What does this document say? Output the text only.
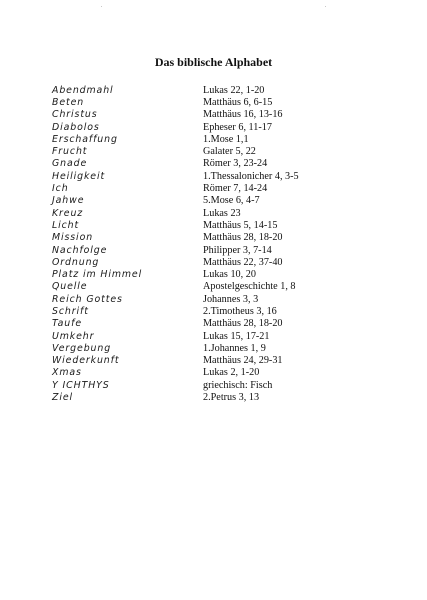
Das biblische Alphabet
Abendmahl	Lukas 22, 1-20
Beten	Matthäus 6, 6-15
Christus	Matthäus 16, 13-16
Diabolos	Epheser 6, 11-17
Erschaffung	1.Mose 1,1
Frucht	Galater 5, 22
Gnade	Römer 3, 23-24
Heiligkeit	1.Thessalonicher 4, 3-5
Ich	Römer 7, 14-24
Jahwe	5.Mose 6, 4-7
Kreuz	Lukas 23
Licht	Matthäus 5, 14-15
Mission	Matthäus 28, 18-20
Nachfolge	Philipper 3, 7-14
Ordnung	Matthäus 22, 37-40
Platz im Himmel	Lukas 10, 20
Quelle	Apostelgeschichte 1, 8
Reich Gottes	Johannes 3, 3
Schrift	2.Timotheus 3, 16
Taufe	Matthäus 28, 18-20
Umkehr	Lukas 15, 17-21
Vergebung	1.Johannes 1, 9
Wiederkunft	Matthäus 24, 29-31
Xmas	Lukas 2, 1-20
Y ICHTHYS	griechisch: Fisch
Ziel	2.Petrus 3, 13
